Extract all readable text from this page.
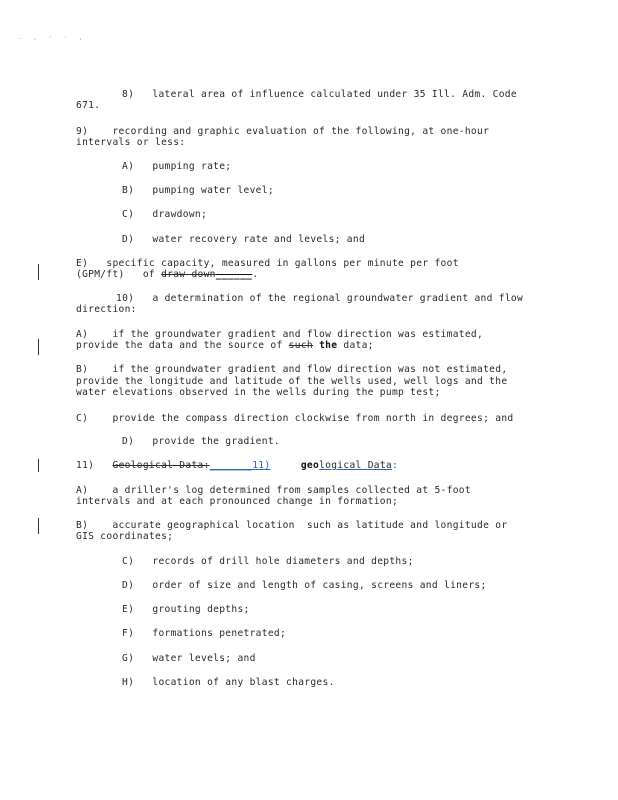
. , · · ,
8)   lateral area of influence calculated under 35 Ill. Adm. Code
671.
9)    recording and graphic evaluation of the following, at one-hour
intervals or less:
A)   pumping rate;
B)   pumping water level;
C)   drawdown;
D)   water recovery rate and levels; and
E)   specific capacity, measured in gallons per minute per foot
(GPM/ft)   of draw down______.
10)   a determination of the regional groundwater gradient and flow
direction:
A)    if the groundwater gradient and flow direction was estimated,
provide the data and the source of such the data;
B)    if the groundwater gradient and flow direction was not estimated,
provide the longitude and latitude of the wells used, well logs and the
water elevations observed in the wells during the pump test;
C)    provide the compass direction clockwise from north in degrees; and
D)   provide the gradient.
11)   Geological Data:_______11)	geological Data:
A)    a driller's log determined from samples collected at 5-foot
intervals and at each pronounced change in formation;
B)    accurate geographical location  such as latitude and longitude or
GIS coordinates;
C)   records of drill hole diameters and depths;
D)   order of size and length of casing, screens and liners;
E)   grouting depths;
F)   formations penetrated;
G)   water levels; and
H)   location of any blast charges.
